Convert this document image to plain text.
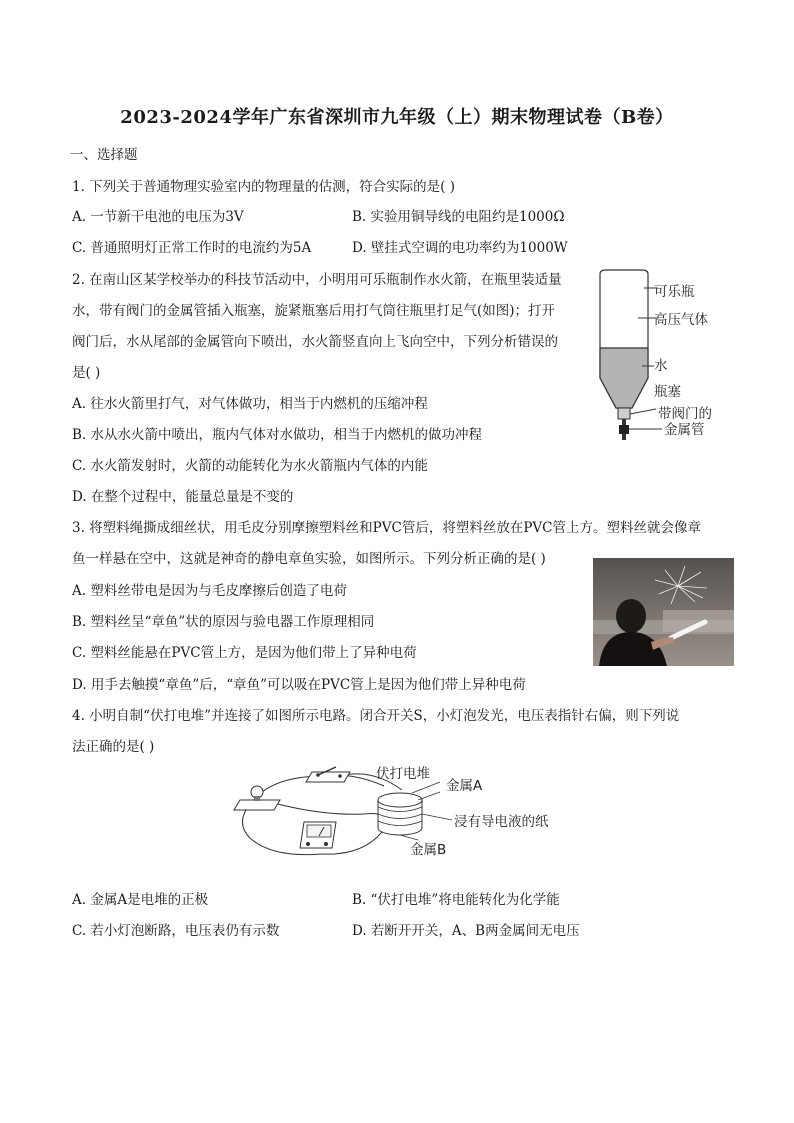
2023-2024学年广东省深圳市九年级（上）期末物理试卷（B卷）
一、选择题
1. 下列关于普通物理实验室内的物理量的估测，符合实际的是( )
A. 一节新干电池的电压为3V	B. 实验用铜导线的电阻约是1000Ω
C. 普通照明灯正常工作时的电流约为5A	D. 壁挂式空调的电功率约为1000W
2. 在南山区某学校举办的科技节活动中，小明用可乐瓶制作水火箭，在瓶里装适量
水，带有阀门的金属管插入瓶塞，旋紧瓶塞后用打气筒往瓶里打足气(如图)；打开
阀门后，水从尾部的金属管向下喷出，水火箭竖直向上飞向空中，下列分析错误的
是( )
A. 往水火箭里打气，对气体做功，相当于内燃机的压缩冲程
B. 水从水火箭中喷出，瓶内气体对水做功，相当于内燃机的做功冲程
C. 水火箭发射时，火箭的动能转化为水火箭瓶内气体的内能
D. 在整个过程中，能量总量是不变的
可乐瓶
高压气体
水
瓶塞
带阀门的
金属管
3. 将塑料绳撕成细丝状，用毛皮分别摩擦塑料丝和PVC管后，将塑料丝放在PVC管上方。塑料丝就会像章
鱼一样悬在空中，这就是神奇的静电章鱼实验，如图所示。下列分析正确的是( )
A. 塑料丝带电是因为与毛皮摩擦后创造了电荷
B. 塑料丝呈“章鱼”状的原因与验电器工作原理相同
C. 塑料丝能悬在PVC管上方，是因为他们带上了异种电荷
D. 用手去触摸“章鱼”后，“章鱼”可以吸在PVC管上是因为他们带上异种电荷
4. 小明自制“伏打电堆”并连接了如图所示电路。闭合开关S，小灯泡发光，电压表指针右偏，则下列说
法正确的是( )
伏打电堆
金属A
浸有导电液的纸
金属B
A. 金属A是电堆的正极	B. “伏打电堆”将电能转化为化学能
C. 若小灯泡断路，电压表仍有示数	D. 若断开开关，A、B两金属间无电压
